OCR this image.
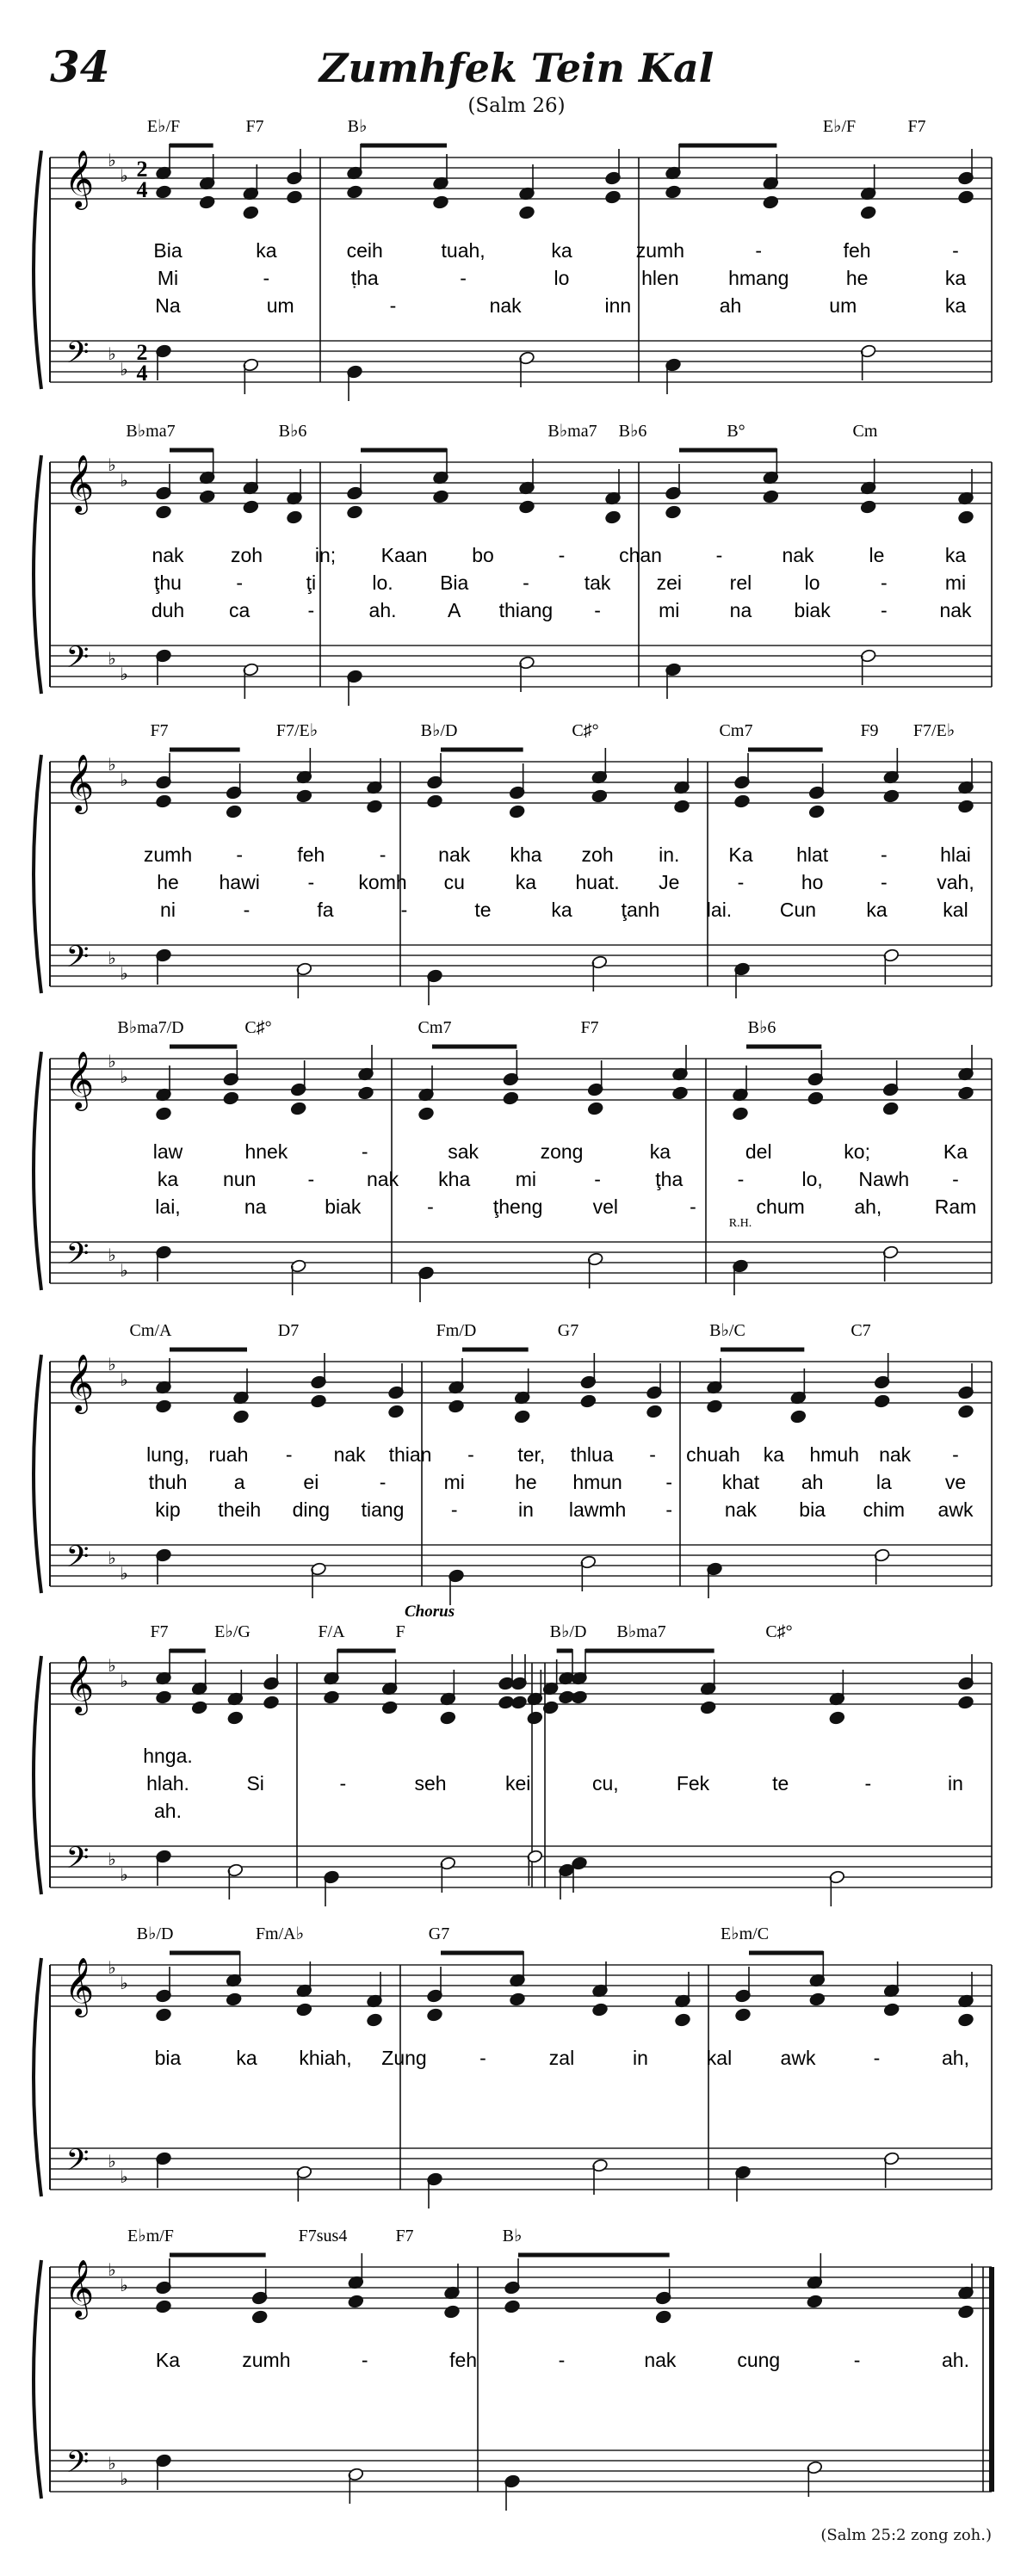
34	Zumhfek Tein Kal
(Salm 26)
♭
♭
𝄞 2
4
♭
♭
𝄢 2
4
E♭/F	F7	B♭	E♭/F	F7
Bia	ka	ceih	tuah,	ka	zumh	-	feh	-
Mi	-	ṭha	-	lo	hlen hmang	he	ka
Na	um	-	nak	inn	ah	um	ka
♭
♭
𝄞
♭
♭
𝄢
B♭ma7	B♭6	B♭ma7 B♭6	B°	Cm
nak zoh	in; Kaan bo	-	chan	-	nak	le	ka
ţhu	-	ţi	lo. Bia	-	tak zei rel	lo	-	mi
duh ca	-	ah.	A thiang -	mi	na biak	-	nak
♭
♭
𝄞
♭
♭
𝄢
F7	F7/E♭	B♭/D	C♯°	Cm7	F9 F7/E♭
zumh -	feh	-	nak kha zoh in. Ka hlat	-	hlai
he hawi - komh cu	ka huat. Je	-	ho	-	vah,
ni	-	fa	-	te	ka ţanh lai. Cun	ka	kal
♭
♭
𝄞
♭
♭
𝄢
B♭ma7/D	C♯°	Cm7	F7	B♭6
law	hnek	-	sak	zong	ka	del	ko;	Ka
ka nun	-	nak kha mi	-	ţha	-	lo, Nawh -
lai,	na	biak	-	ţheng	vel	-	chum	ah,	Ram
R.H.
♭
♭
𝄞
♭
♭
𝄢
Cm/A	D7	Fm/D	G7	B♭/C	C7
lung, ruah - nak thian - ter, thlua - chuah ka hmuh nak -
thuh a	ei	-	mi	he hmun -	khat ah	la	ve
kip theih ding tiang -	in lawmh -	nak bia chim awk
♭
♭
𝄞
♭
♭
𝄢
F7	E♭/G	F/A	F	B♭/D B♭ma7	C♯°
hnga.
hlah.	Si	-	seh	kei	cu,	Fek	te	-	in
ah.
Chorus
♭
♭
𝄞
♭
♭
𝄢
B♭/D	Fm/A♭	G7	E♭m/C
bia	ka khiah, Zung	-	zal	in	kal awk	-	ah,
♭
♭
𝄞
♭
♭
𝄢
E♭m/F	F7sus4	F7	B♭
Ka	zumh	-	feh	-	nak	cung	-	ah.
(Salm 25:2 zong zoh.)
